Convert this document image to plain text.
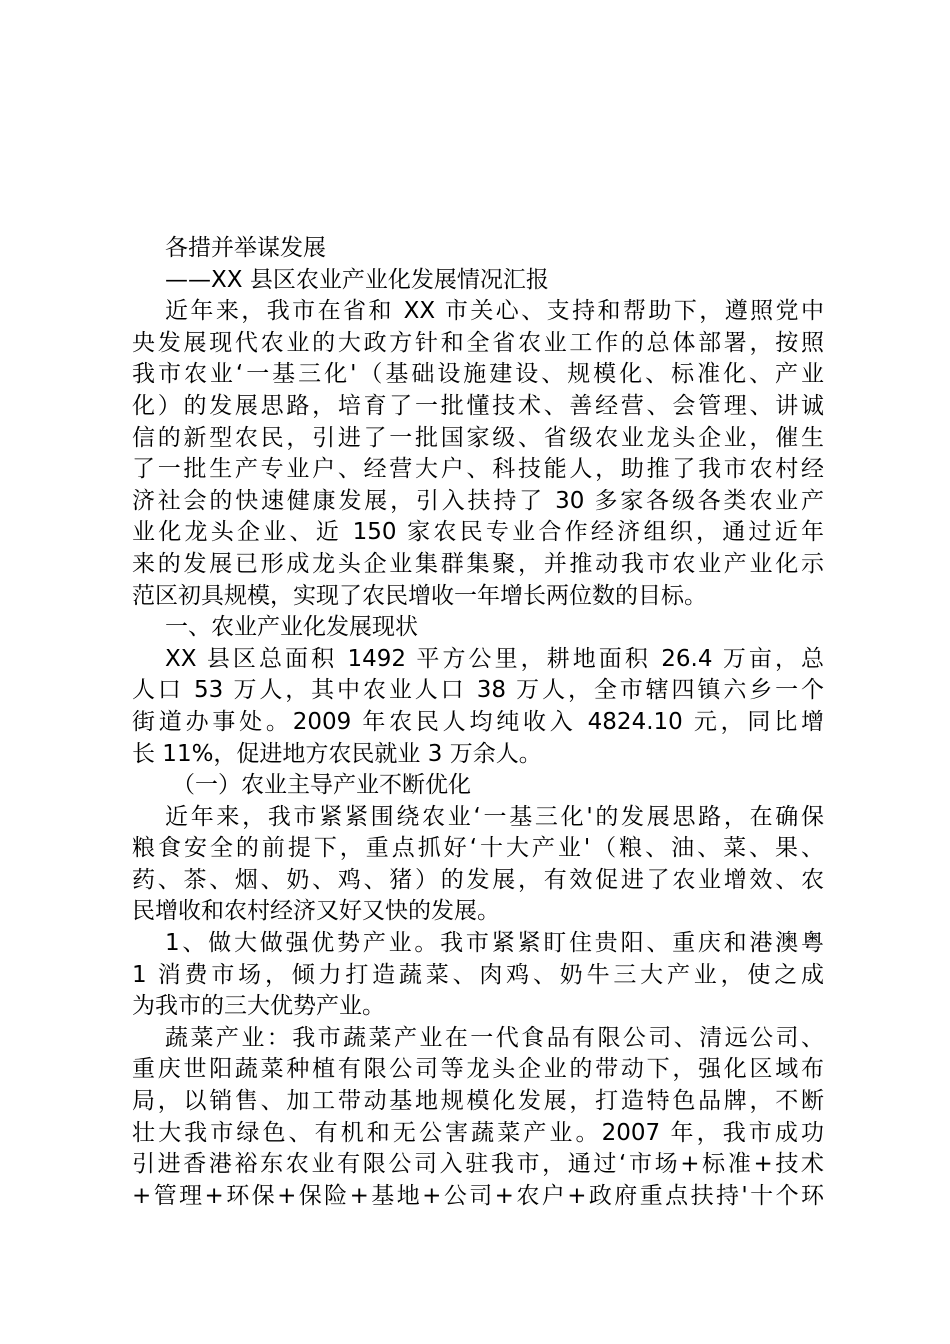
各措并举谋发展
——XX 县区农业产业化发展情况汇报
近年来，我市在省和 XX 市关心、支持和帮助下，遵照党中
央发展现代农业的大政方针和全省农业工作的总体部署，按照
我市农业‘一基三化'（基础设施建设、规模化、标准化、产业
化）的发展思路，培育了一批懂技术、善经营、会管理、讲诚
信的新型农民，引进了一批国家级、省级农业龙头企业，催生
了一批生产专业户、经营大户、科技能人，助推了我市农村经
济社会的快速健康发展，引入扶持了 30 多家各级各类农业产
业化龙头企业、近 150 家农民专业合作经济组织，通过近年
来的发展已形成龙头企业集群集聚，并推动我市农业产业化示
范区初具规模，实现了农民增收一年增长两位数的目标。
一、农业产业化发展现状
XX 县区总面积 1492 平方公里，耕地面积 26.4 万亩，总
人口 53 万人，其中农业人口 38 万人，全市辖四镇六乡一个
街道办事处。2009 年农民人均纯收入 4824.10 元，同比增
长 11%，促进地方农民就业 3 万余人。
（一）农业主导产业不断优化
近年来，我市紧紧围绕农业‘一基三化'的发展思路，在确保
粮食安全的前提下，重点抓好‘十大产业'（粮、油、菜、果、
药、茶、烟、奶、鸡、猪）的发展，有效促进了农业增效、农
民增收和农村经济又好又快的发展。
1、做大做强优势产业。我市紧紧盯住贵阳、重庆和港澳粤
1 消费市场，倾力打造蔬菜、肉鸡、奶牛三大产业，使之成
为我市的三大优势产业。
蔬菜产业：我市蔬菜产业在一代食品有限公司、清远公司、
重庆世阳蔬菜种植有限公司等龙头企业的带动下，强化区域布
局，以销售、加工带动基地规模化发展，打造特色品牌，不断
壮大我市绿色、有机和无公害蔬菜产业。2007 年，我市成功
引进香港裕东农业有限公司入驻我市，通过‘市场+标准+技术
+管理+环保+保险+基地+公司+农户+政府重点扶持'十个环
